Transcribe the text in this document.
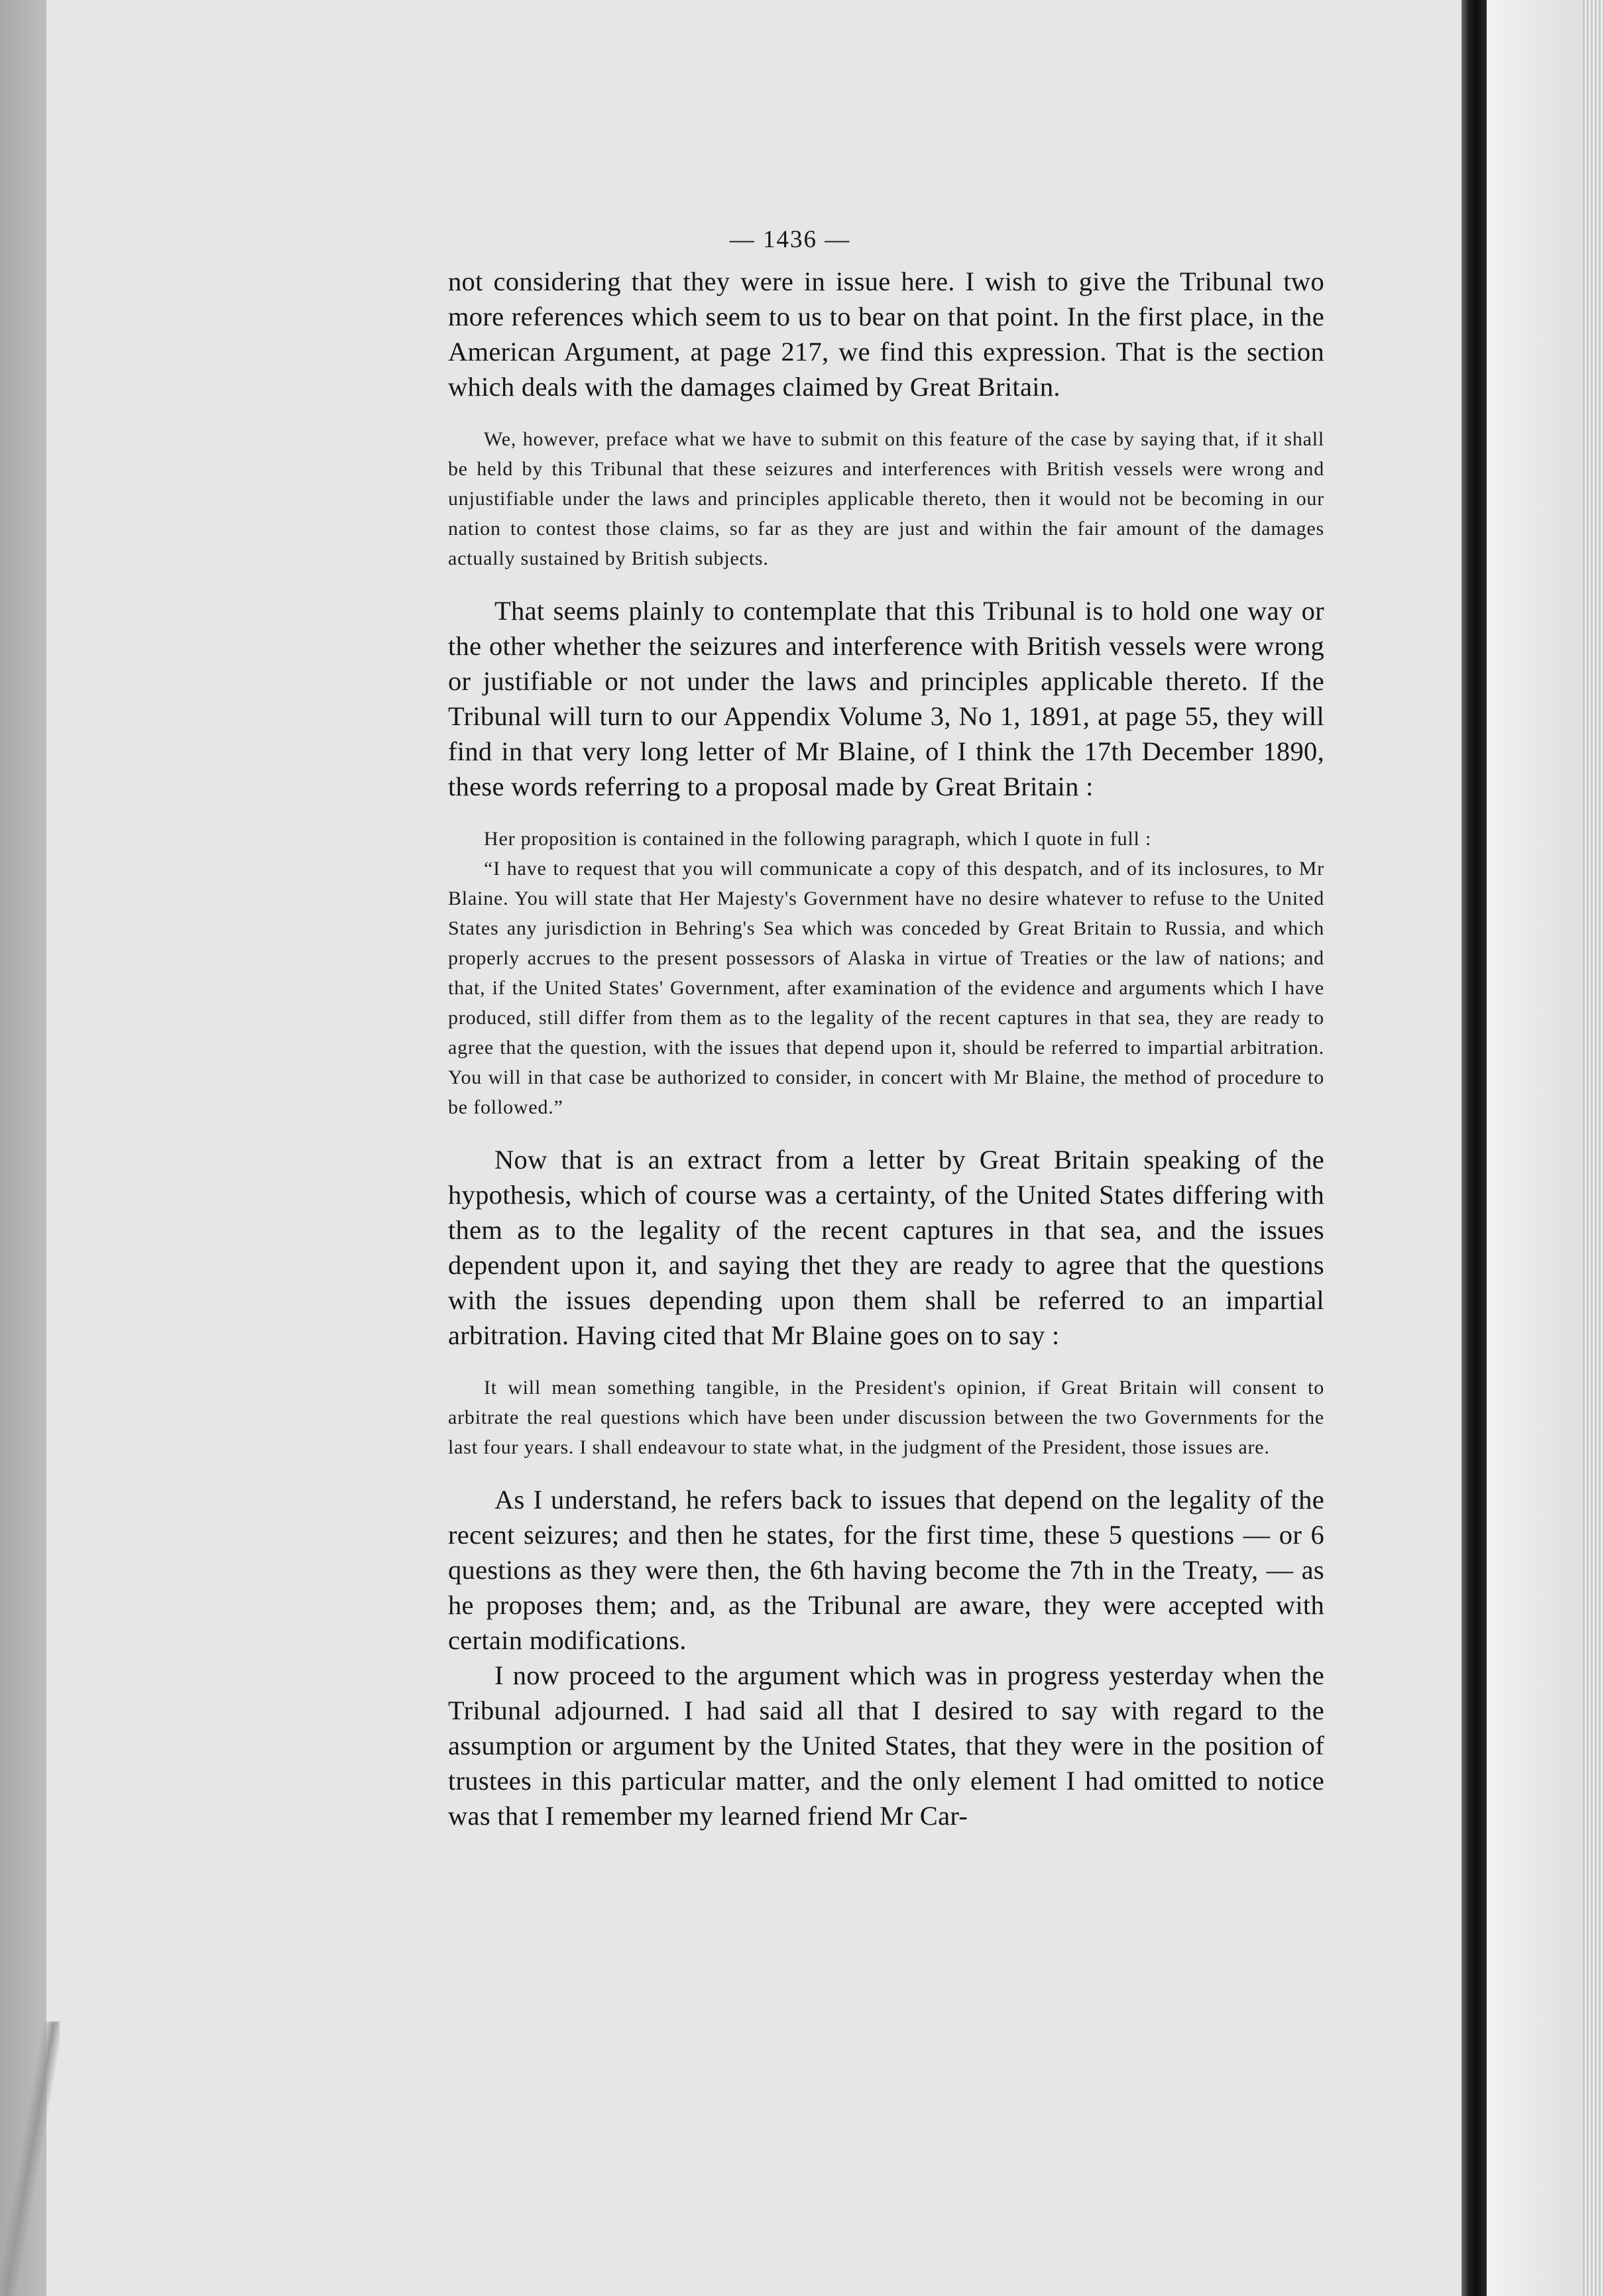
— 1436 —

not considering that they were in issue here. I wish to give the Tribunal two more references which seem to us to bear on that point. In the first place, in the American Argument, at page 217, we find this expression. That is the section which deals with the damages claimed by Great Britain.

We, however, preface what we have to submit on this feature of the case by saying that, if it shall be held by this Tribunal that these seizures and interferences with British vessels were wrong and unjustifiable under the laws and principles applicable thereto, then it would not be becoming in our nation to contest those claims, so far as they are just and within the fair amount of the damages actually sustained by British subjects.

That seems plainly to contemplate that this Tribunal is to hold one way or the other whether the seizures and interference with British vessels were wrong or justifiable or not under the laws and principles applicable thereto. If the Tribunal will turn to our Appendix Volume 3, No 1, 1891, at page 55, they will find in that very long letter of Mr Blaine, of I think the 17th December 1890, these words referring to a proposal made by Great Britain :

Her proposition is contained in the following paragraph, which I quote in full :

“I have to request that you will communicate a copy of this despatch, and of its inclosures, to Mr Blaine. You will state that Her Majesty's Government have no desire whatever to refuse to the United States any jurisdiction in Behring's Sea which was conceded by Great Britain to Russia, and which properly accrues to the present possessors of Alaska in virtue of Treaties or the law of nations; and that, if the United States' Government, after examination of the evidence and arguments which I have produced, still differ from them as to the legality of the recent captures in that sea, they are ready to agree that the question, with the issues that depend upon it, should be referred to impartial arbitration. You will in that case be authorized to consider, in concert with Mr Blaine, the method of procedure to be followed.”

Now that is an extract from a letter by Great Britain speaking of the hypothesis, which of course was a certainty, of the United States differing with them as to the legality of the recent captures in that sea, and the issues dependent upon it, and saying thet they are ready to agree that the questions with the issues depending upon them shall be referred to an impartial arbitration. Having cited that Mr Blaine goes on to say :

It will mean something tangible, in the President's opinion, if Great Britain will consent to arbitrate the real questions which have been under discussion between the two Governments for the last four years. I shall endeavour to state what, in the judgment of the President, those issues are.

As I understand, he refers back to issues that depend on the legality of the recent seizures; and then he states, for the first time, these 5 questions — or 6 questions as they were then, the 6th having become the 7th in the Treaty, — as he proposes them; and, as the Tribunal are aware, they were accepted with certain modifications.

I now proceed to the argument which was in progress yesterday when the Tribunal adjourned. I had said all that I desired to say with regard to the assumption or argument by the United States, that they were in the position of trustees in this particular matter, and the only element I had omitted to notice was that I remember my learned friend Mr Car-
